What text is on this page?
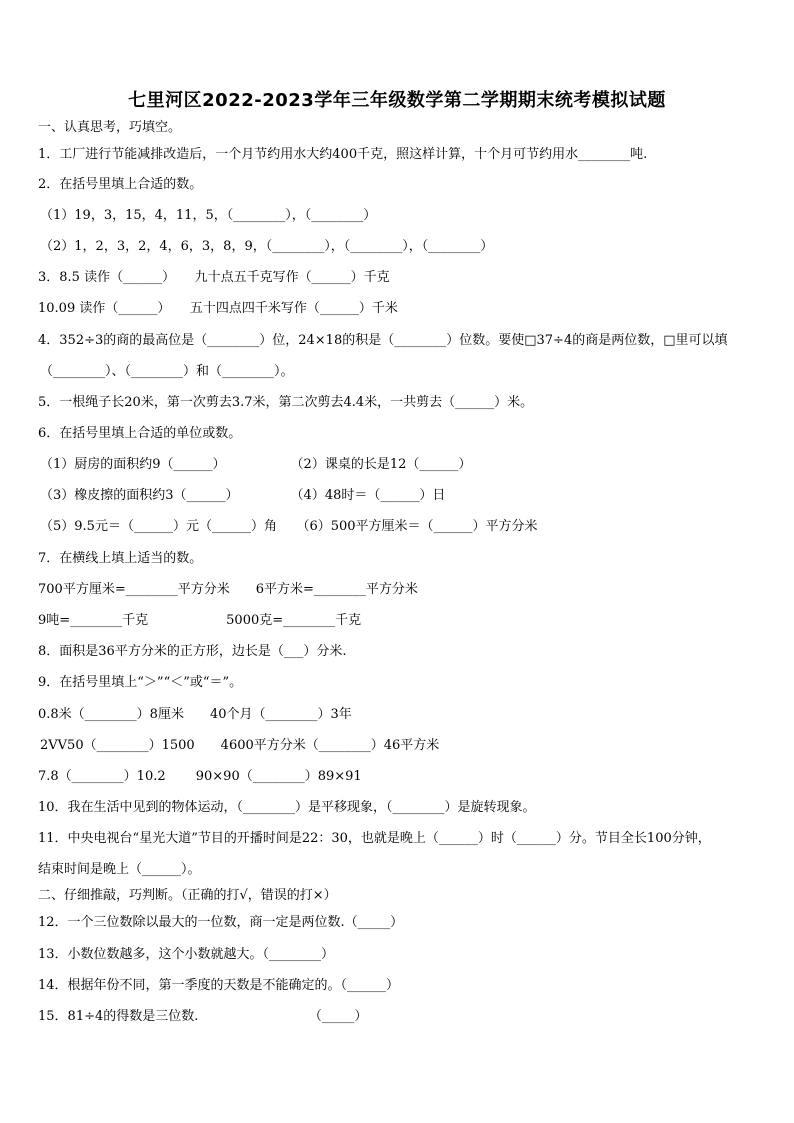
七里河区2022-2023学年三年级数学第二学期期末统考模拟试题
一、认真思考，巧填空。
1．工厂进行节能减排改造后，一个月节约用水大约400千克，照这样计算，十个月可节约用水________吨.
2．在括号里填上合适的数。
（1）19，3，15，4，11，5，（________），（________）
（2）1，2，3，2，4，6，3，8，9，（________），（________），（________）
3．8.5 读作（______）　　九十点五千克写作（______）千克
10.09 读作（______）　　五十四点四千米写作（______）千米
4．352÷3的商的最高位是（________）位，24×18的积是（________）位数。要使□37÷4的商是两位数，□里可以填
（________）、（________）和（________）。
5．一根绳子长20米，第一次剪去3.7米，第二次剪去4.4米，一共剪去（______）米。
6．在括号里填上合适的单位或数。
（1）厨房的面积约9（______）　　　　　　（2）课桌的长是12（______）
（3）橡皮擦的面积约3（______）　　　　　（4）48时＝（______）日
（5）9.5元＝（______）元（______）角　　（6）500平方厘米＝（______）平方分米
7．在横线上填上适当的数。
700平方厘米=________平方分米　　6平方米=________平方分米
9吨=________千克　　　　　　5000克=________千克
8．面积是36平方分米的正方形，边长是（___）分米.
9．在括号里填上“＞”“＜”或“＝”。
0.8米（________）8厘米　　40个月（________）3年
2VV50（________）1500　　4600平方分米（________）46平方米
7.8（________）10.2　　 90×90（________）89×91
10．我在生活中见到的物体运动，（________）是平移现象，（________）是旋转现象。
11．中央电视台“星光大道”节目的开播时间是22：30，也就是晚上（______）时（______）分。节目全长100分钟，
结束时间是晚上（______）。
二、仔细推敲，巧判断。（正确的打√，错误的打×）
12．一个三位数除以最大的一位数，商一定是两位数.（_____）
13．小数位数越多，这个小数就越大。（________）
14．根据年份不同，第一季度的天数是不能确定的。（______）
15．81÷4的得数是三位数.　　　　　　　　　（_____）
